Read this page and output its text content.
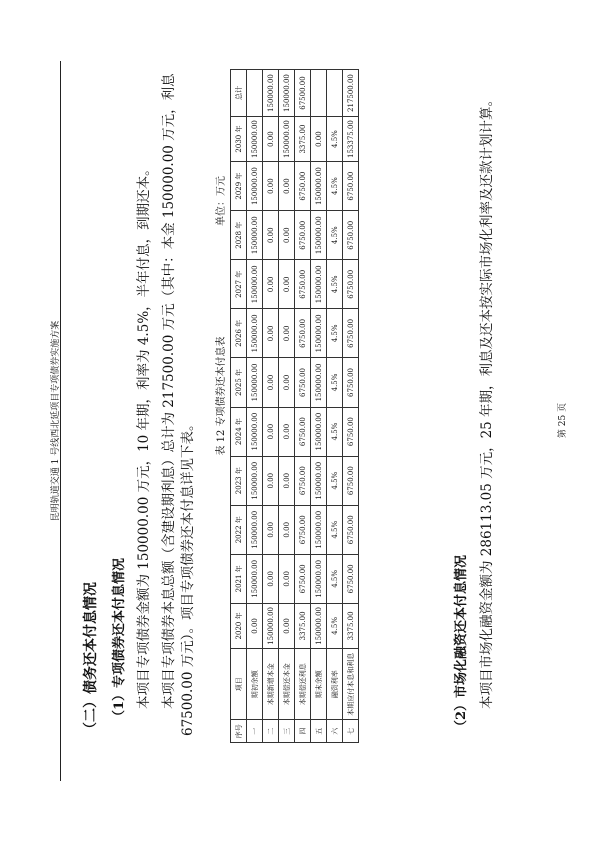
昆明轨道交通 1 号线西北延项目专项债券实施方案
（二）债务还本付息情况	（1）专项债券还本付息情况 本项目专项债券金额为 150000.00 万元，10 年期，利率为 4.5%，半年付息，到期还本。 本项目专项债券本息总额（含建设期利息）总计为 217500.00 万元（其中：本金 150000.00 万元，利息 67500.00 万元）。项目专项债券还本付息详见下表。
表 12 专项债券还本付息表
单位：万元
序号	项目	2020 年	2021 年	2022 年	2023 年	2024 年	2025 年	2026 年	2027 年	2028 年	2029 年	2030 年	总计
一	期初余额	0.00	150000.00	150000.00	150000.00	150000.00	150000.00	150000.00	150000.00	150000.00	150000.00	150000.00	
二	本期新增本金	150000.00	0.00	0.00	0.00	0.00	0.00	0.00	0.00	0.00	0.00	0.00	150000.00
三	本期偿还本金	0.00	0.00	0.00	0.00	0.00	0.00	0.00	0.00	0.00	0.00	150000.00	150000.00
四	本期偿还利息	3375.00	6750.00	6750.00	6750.00	6750.00	6750.00	6750.00	6750.00	6750.00	6750.00	3375.00	67500.00
五	期末余额	150000.00	150000.00	150000.00	150000.00	150000.00	150000.00	150000.00	150000.00	150000.00	150000.00	0.00	
六	融资利率	4.5%	4.5%	4.5%	4.5%	4.5%	4.5%	4.5%	4.5%	4.5%	4.5%	4.5%	
七	本期应付本息和利息	3375.00	6750.00	6750.00	6750.00	6750.00	6750.00	6750.00	6750.00	6750.00	6750.00	153375.00	217500.00
（2）市场化融资还本付息情况 本项目市场化融资金额为 286113.05 万元，25 年期，利息及还本按实际市场化利率及还款计划计算。	第 25 页
